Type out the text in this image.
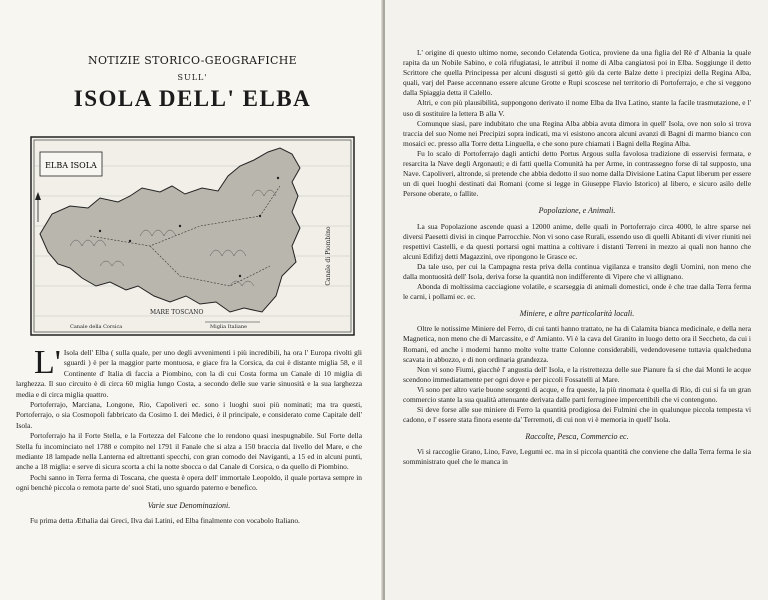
NOTIZIE STORICO-GEOGRAFICHE
SULL'
ISOLA DELL' ELBA
ELBA ISOLA
MARE TOSCANO
Canale di Piombino
Canale della Corsica	Miglia Italiane
L' Isola dell' Elba ( sulla quale, per uno degli avvenimenti i più incredibili, ha ora l' Europa rivolti gli sguardi ) è per la maggior parte montuosa, e giace fra la Corsica, da cui è distante miglia 58, e il Continente d' Italia di faccia a Piombino, con la di cui Costa forma un Canale di 10 miglia di larghezza. Il suo circuito è di circa 60 miglia lungo Costa, a secondo delle sue varie sinuosità e la sua larghezza media e di circa miglia quattro.

Portoferrajo, Marciana, Longone, Rio, Capoliveri ec. sono i luoghi suoi più nominati; ma tra questi, Portoferrajo, o sia Cosmopoli fabbricato da Cosimo I. dei Medici, è il principale, e considerato come Capitale dell' Isola.

Portoferrajo ha il Forte Stella, e la Fortezza del Falcone che lo rendono quasi inespugnabile. Sul Forte della Stella fu incominciato nel 1788 e compito nel 1791 il Fanale che si alza a 150 braccia dal livello del Mare, e che mediante 18 lampade nella Lanterna ed altrettanti specchi, con gran comodo dei Naviganti, a 15 ed in alcuni punti, anche a 18 miglia: e serve di sicura scorta a chi la notte sbocca o dal Canale di Corsica, o da quello di Piombino.

Pochi sanno in Terra ferma di Toscana, che questa è opera dell' immortale Leopoldo, il quale portava sempre in ogni benchè piccola o remota parte de' suoi Stati, uno sguardo paterno e benefico.

Varie sue Denominazioni.

Fu prima detta Æthalia dai Greci, Ilva dai Latini, ed Elba finalmente con vocabolo Italiano.

L' origine di questo ultimo nome, secondo Celatenda Gotica, proviene da una figlia del Rè d' Albania la quale rapita da un Nobile Sabino, e colà rifugiatasi, le attribuì il nome di Alba cangiatosi poi in Elba. Soggiunge il detto Scrittore che quella Principessa per alcuni disgusti si gettò giù da certe Balze dette i precipizi della Regina Alba, quali, varj del Paese accennano essere alcune Grotte e Rupi scoscese nel territorio di Portoferrajo, e che si veggono dalla Spiaggia detta il Calello.

Altri, e con più plausibilità, suppongono derivato il nome Elba da Ilva Latino, stante la facile trasmutazione, e l' uso di sostituire la lettera B alla V.

Comunque siasi, pare indubitato che una Regina Alba abbia avuta dimora in quell' Isola, ove non solo si trova traccia del suo Nome nei Precipizi sopra indicati, ma vi esistono ancora alcuni avanzi di Bagni di marmo bianco con mosaici ec. presso alla Torre detta Linguella, e che sono pure chiamati i Bagni della Regina Alba.

Fu lo scalo di Portoferrajo dagli antichi detto Portus Argous sulla favolosa tradizione di esservisi fermata, e resarcita la Nave degli Argonauti; e di fatti quella Comunità ha per Arme, in contrassegno forse di tal supposto, una Nave. Capoliveri, altronde, si pretende che abbia dedotto il suo nome dalla Divisione Latina Caput liberum per essere un di quei luoghi destinati dai Romani (come si legge in Giuseppe Flavio Istorico) al libero, e sicuro asilo delle Persone oberate, o fallite.

Popolazione, e Animali.

La sua Popolazione ascende quasi a 12000 anime, delle quali in Portoferrajo circa 4000, le altre sparse nei diversi Paesetti divisi in cinque Parrocchie. Non vi sono case Rurali, essendo uso di quelli Abitanti di viver riuniti nei respettivi Castelli, e da questi portarsi ogni mattina a coltivare i distanti Terreni in mezzo ai quali non hanno che alcuni Edifizj detti Magazzini, ove ripongono le Grasce ec.

Da tale uso, per cui la Campagna resta priva della continua vigilanza e transito degli Uomini, non meno che dalla montuosità dell' Isola, deriva forse la quantità non indifferente di Vipere che vi allignano.

Abonda di moltissima cacciagione volatile, e scarseggia di animali domestici, onde è che trae dalla Terra ferma le carni, i pollami ec. ec.

Miniere, e altre particolarità locali.

Oltre le notissime Miniere del Ferro, di cui tanti hanno trattato, ne ha di Calamita bianca medicinale, e della nera Magnetica, non meno che di Marcassite, e d' Amianto. Vi è la cava del Granito in luogo detto ora il Seccheto, da cui i Romani, ed anche i moderni hanno molte volte tratte Colonne considerabili, vedendovesene tuttavia qualcheduna scavata in abbozzo, e di non ordinaria grandezza.

Non vi sono Fiumi, giacchè l' angustia dell' Isola, e la ristrettezza delle sue Pianure fa si che dai Monti le acque scendono immediatamente per ogni dove e per piccoli Fossatelli al Mare.

Vi sono per altro varie buone sorgenti di acque, e fra queste, la più rinomata è quella di Rio, di cui si fa un gran commercio stante la sua qualità attenuante derivata dalle parti ferruginee impercettibili che vi contengono.

Si deve forse alle sue miniere di Ferro la quantità prodigiosa dei Fulmini che in qualunque piccola tempesta vi cadono, e l' essere stata finora esente da' Terremoti, di cui non vi è memoria in quell' Isola.

Raccolte, Pesca, Commercio ec.

Vi si raccoglie Grano, Lino, Fave, Legumi ec. ma in sì piccola quantità che conviene che dalla Terra ferma le sia somministrato quel che le manca in
